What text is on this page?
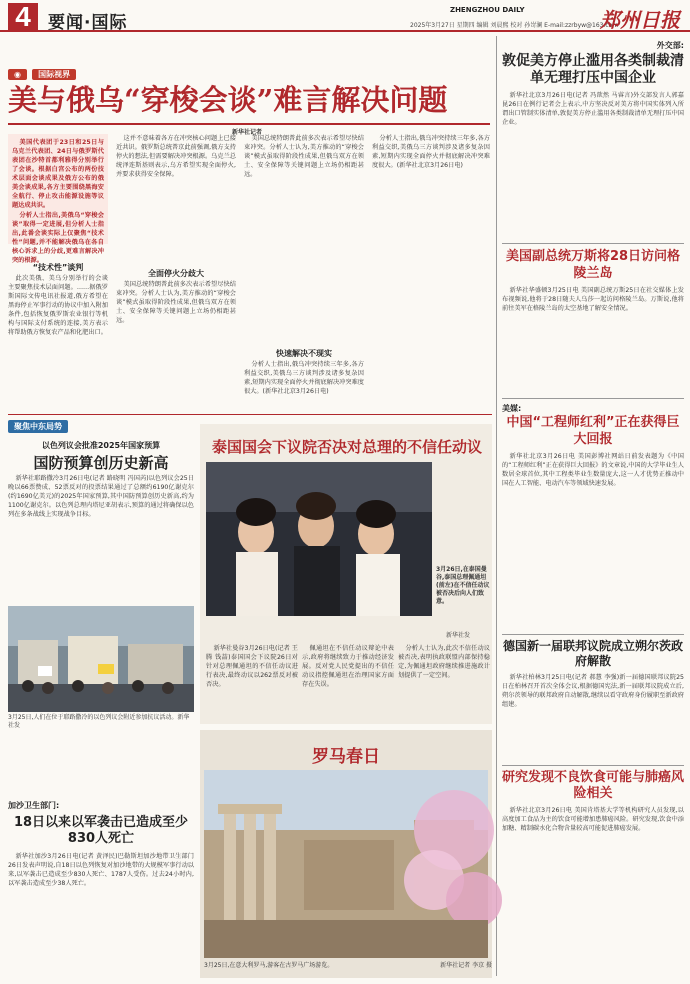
4	要闻·国际
ZHENGZHOU DAILY
2025年3月27日 星期四 编辑 刘晨熙 校对 孙岢澜 E-mail:zzrbyw@163.com
郑州日报
◉ 国际视界
美与俄乌“穿梭会谈”难言解决问题
新华社记者

美国代表团于23日和25日与乌克兰代表团、24日与俄罗斯代表团在沙特首都利雅得分别举行了会谈。根据白宫公布的两份技术层面会谈成果及俄方公布的俄美会谈成果,各方主要围绕黑海安全航行、停止攻击能源设施等议题达成共识。

分析人士指出,美俄乌“穿梭会谈”取得一定进展,但分析人士指出,此番会谈实际上仅聚焦“技术性”问题,并不能解决俄乌在各自核心诉求上的分歧,更难言解决冲突的根源。

“技术性”谈判

此次美俄、美乌分别举行的会谈主要聚焦技术层面问题。……据俄罗斯国际文传电讯社报道,俄方希望在黑海停止军事行动的协议中加入附加条件,包括恢复俄罗斯农业银行等机构与国际支付系统的连接,美方表示将帮助俄方恢复农产品和化肥出口。

这并不意味着各方在冲突核心问题上已接近共识。俄罗斯总统普京此前强调,俄方支持停火的想法,但需要解决冲突根源。乌克兰总统泽连斯基则表示,乌方希望实现全面停火,并要求获得安全保障。

全面停火分歧大

美国总统特朗普此前多次表示希望尽快结束冲突。分析人士认为,美方推动的“穿梭会谈”模式虽取得阶段性成果,但俄乌双方在领土、安全保障等关键问题上立场仍相距甚远。

美国总统特朗普此前多次表示希望尽快结束冲突。分析人士认为,美方推动的“穿梭会谈”模式虽取得阶段性成果,但俄乌双方在领土、安全保障等关键问题上立场仍相距甚远。

快速解决不现实

分析人士指出,俄乌冲突持续三年多,各方利益交织,美俄乌三方谈判涉及诸多复杂因素,短期内实现全面停火并彻底解决冲突难度很大。(新华社北京3月26日电)

分析人士指出,俄乌冲突持续三年多,各方利益交织,美俄乌三方谈判涉及诸多复杂因素,短期内实现全面停火并彻底解决冲突难度很大。(新华社北京3月26日电)

外交部:
敦促美方停止滥用各类制裁清单无理打压中国企业

新华社北京3月26日电(记者 冯歆然 马睿言)外交部发言人郭嘉昆26日在例行记者会上表示,中方坚决反对美方将中国实体列入所谓出口管制实体清单,敦促美方停止滥用各类制裁清单无理打压中国企业。

美国副总统万斯将28日访问格陵兰岛

新华社华盛顿3月25日电 美国副总统万斯25日在社交媒体上发布视频说,他将于28日随夫人乌莎一起访问格陵兰岛。万斯说,他将前往美军在格陵兰岛的太空基地了解安全情况。

美媒:
中国“工程师红利”正在获得巨大回报

新华社北京3月26日电 美国彭博社网站日前发表题为《中国的“工程师红利”正在获得巨大回报》的文章说,中国的大学毕业生人数居全球首位,其中工程类毕业生数量庞大,这一人才优势正推动中国在人工智能、电动汽车等领域快速发展。

德国新一届联邦议院成立朔尔茨政府解散

新华社柏林3月25日电(记者 郝慧 李强)新一届德国联邦议院25日在柏林召开首次全体会议,根据德国宪法,新一届联邦议院成立后,朔尔茨领导的联邦政府自动解散,继续以看守政府身份履职至新政府组建。

研究发现不良饮食可能与肺癌风险相关

新华社北京3月26日电 美国肯塔基大学等机构研究人员发现,以高度加工食品为主的饮食可能增加患肺癌风险。研究发现,饮食中添加糖、精制碳水化合物含量较高可能促进肺癌发展。

聚焦中东局势
以色列议会批准2025年国家预算
国防预算创历史新高

新华社耶路撒冷3月26日电(记者 路晓明 冯国芮)以色列议会25日晚以66票赞成、52票反对的投票结果通过了总额约6190亿谢克尔(约1690亿美元)的2025年国家预算,其中国防预算创历史新高,约为1100亿谢克尔。以色列总理内塔尼亚胡表示,预算的通过将确保以色列在多条战线上实现战争目标。

3月25日,人们在位于耶路撒冷的以色列议会附近参加抗议活动。新华社发
加沙卫生部门:
18日以来以军袭击已造成至少830人死亡

新华社加沙3月26日电(记者 黄泽民)巴勒斯坦加沙地带卫生部门26日发表声明说,自18日以色列恢复对加沙地带的大规模军事行动以来,以军袭击已造成至少830人死亡、1787人受伤。过去24小时内,以军袭击造成至少38人死亡。

泰国国会下议院否决对总理的不信任动议
3月26日,在泰国曼谷,泰国总理佩通坦(前左)在不信任动议被否决后向人们致意。
新华社发

新华社曼谷3月26日电(记者 王腾 钱喆)泰国国会下议院26日对针对总理佩通坦的不信任动议进行表决,最终动议以262票反对被否决。

佩通坦在不信任动议辩论中表示,政府将继续致力于推动经济发展。反对党人民党提出的不信任动议指控佩通坦在治理国家方面存在失误。

分析人士认为,此次不信任动议被否决,表明执政联盟内部保持稳定,为佩通坦政府继续推进施政计划提供了一定空间。

罗马春日
3月25日,在意大利罗马,游客在古罗马广场游览。	新华社记者 李京 摄
